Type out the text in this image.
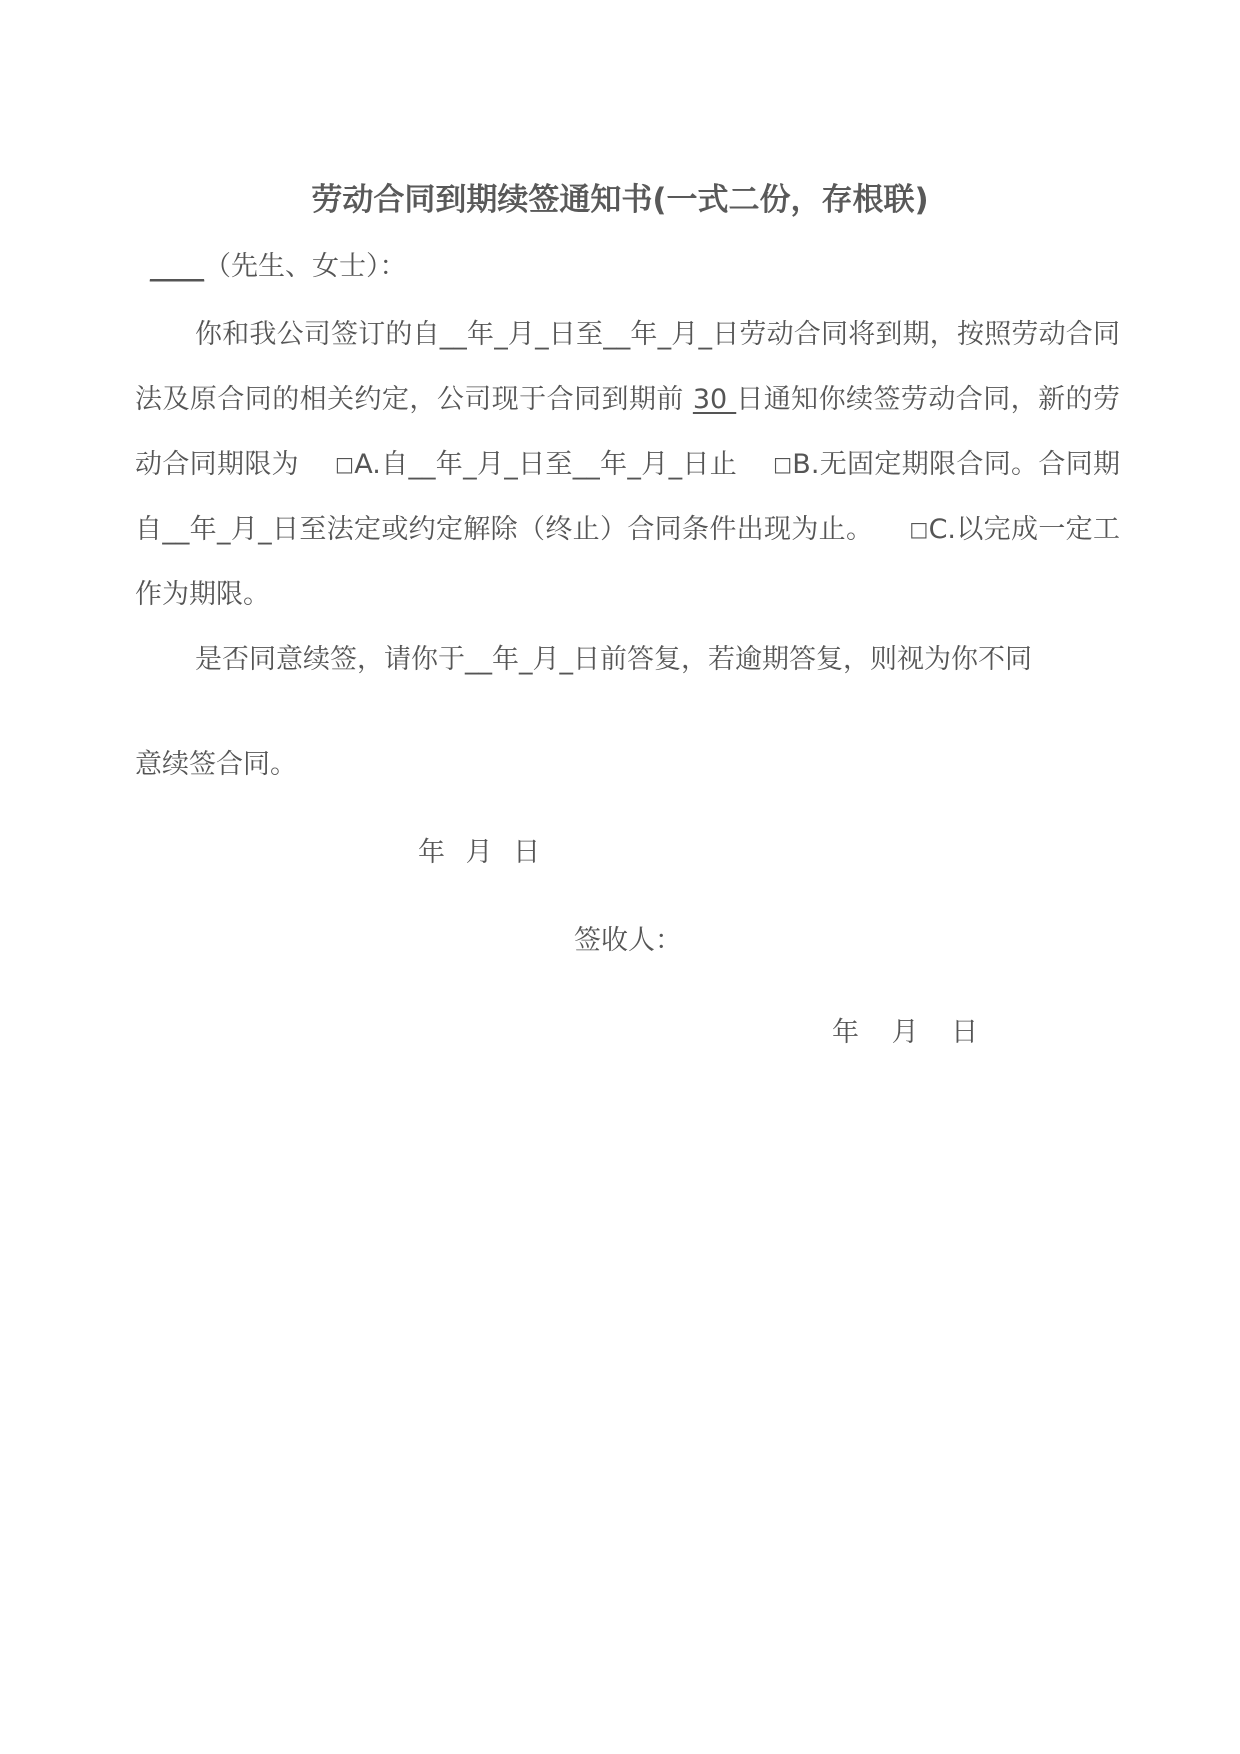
劳动合同到期续签通知书(一式二份，存根联)
____（先生、女士）：

你和我公司签订的自__年_月_日至__年_月_日劳动合同将到期，按照劳动合同法及原合同的相关约定，公司现于合同到期前 30 日通知你续签劳动合同，新的劳动合同期限为 □A.自__年_月_日至__年_月_日止 □B.无固定期限合同。合同期自__年_月_日至法定或约定解除（终止）合同条件出现为止。 □C.以完成一定工作为期限。

是否同意续签，请你于__年_月_日前答复，若逾期答复，则视为你不同

意续签合同。
年 月 日
签收人：
年 月 日
